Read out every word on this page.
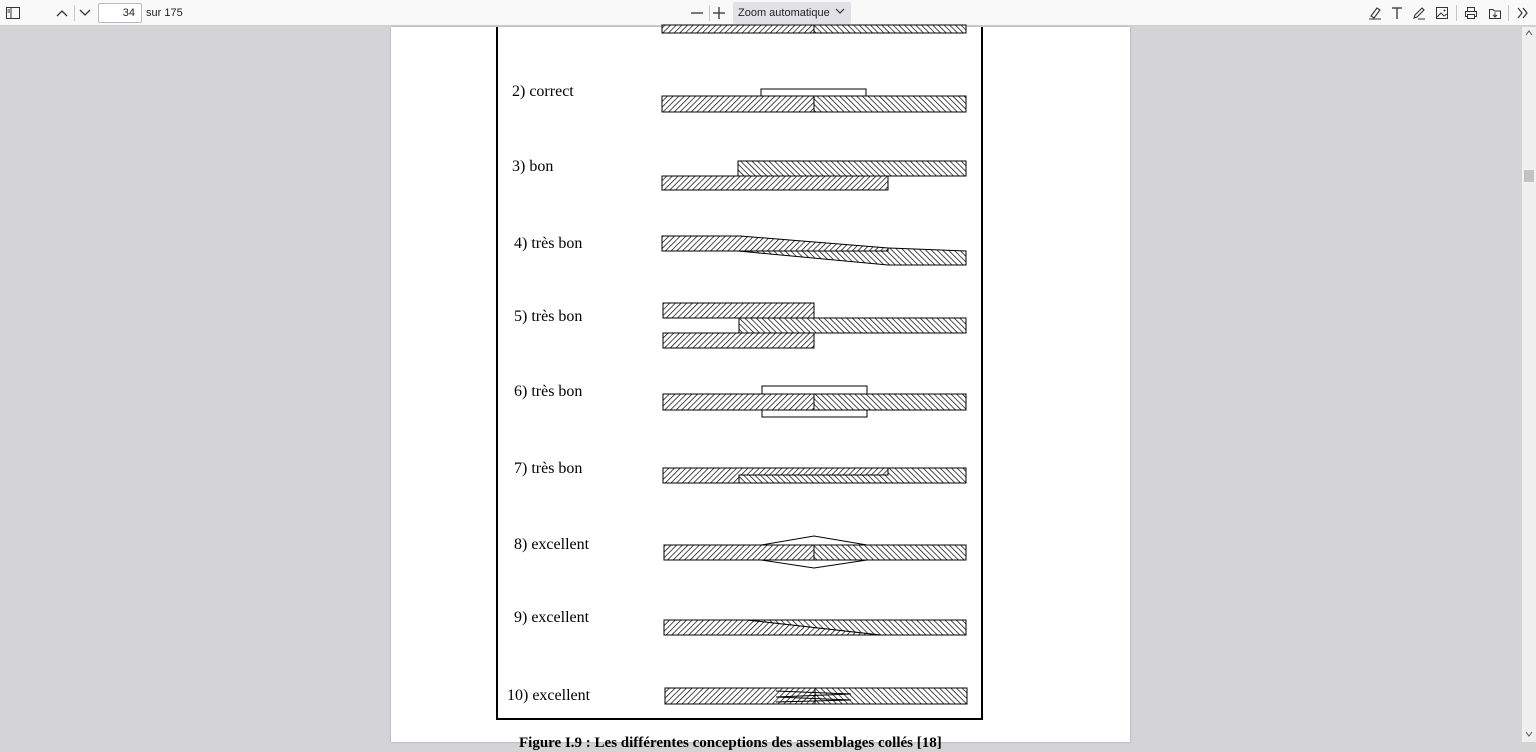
34
sur 175	Zoom automatique
2) correct
3) bon
4) très bon
5) très bon
6) très bon
7) très bon
8) excellent
9) excellent
10) excellent
Figure I.9 : Les différentes conceptions des assemblages collés [18]
